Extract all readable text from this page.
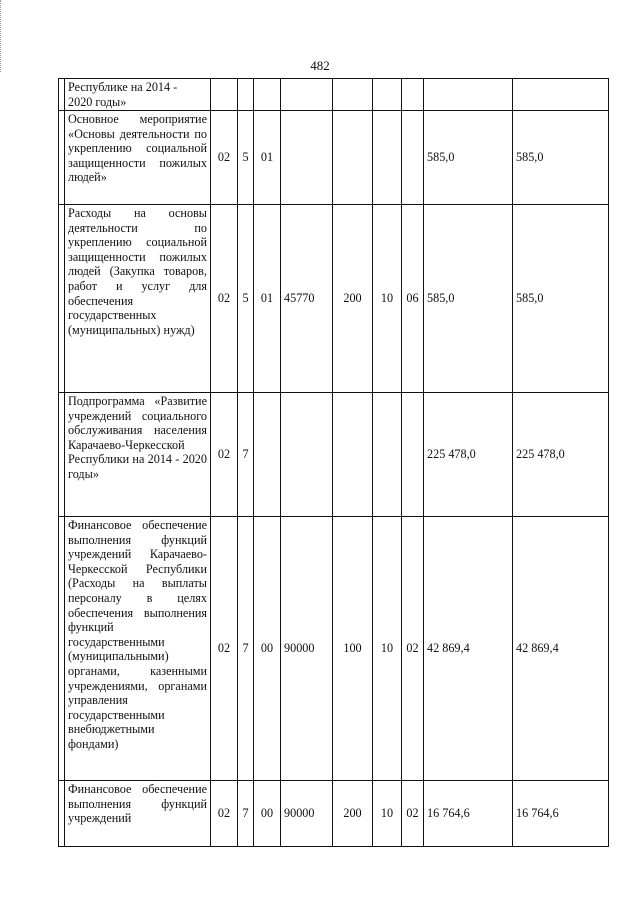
482
	Республике на 2014 -
2020 годы»									
	Основное мероприятие «Основы деятельности по укреплению социальной защищенности пожилых людей»	02	5	01					585,0	585,0
	Расходы на основы деятельности по укреплению социальной защищенности пожилых людей (Закупка товаров, работ и услуг для обеспечения государственных (муниципальных) нужд)	02	5	01	45770	200	10	06	585,0	585,0
	Подпрограмма «Развитие учреждений социального обслуживания населения Карачаево-Черкесской Республики на 2014 - 2020 годы»	02	7						225 478,0	225 478,0
	Финансовое обеспечение выполнения функций учреждений Карачаево-Черкесской Республики (Расходы на выплаты персоналу в целях обеспечения выполнения функций государственными (муниципальными) органами, казенными учреждениями, органами управления государственными внебюджетными фондами)	02	7	00	90000	100	10	02	42 869,4	42 869,4
	Финансовое обеспечение выполнения функций учреждений	02	7	00	90000	200	10	02	16 764,6	16 764,6
